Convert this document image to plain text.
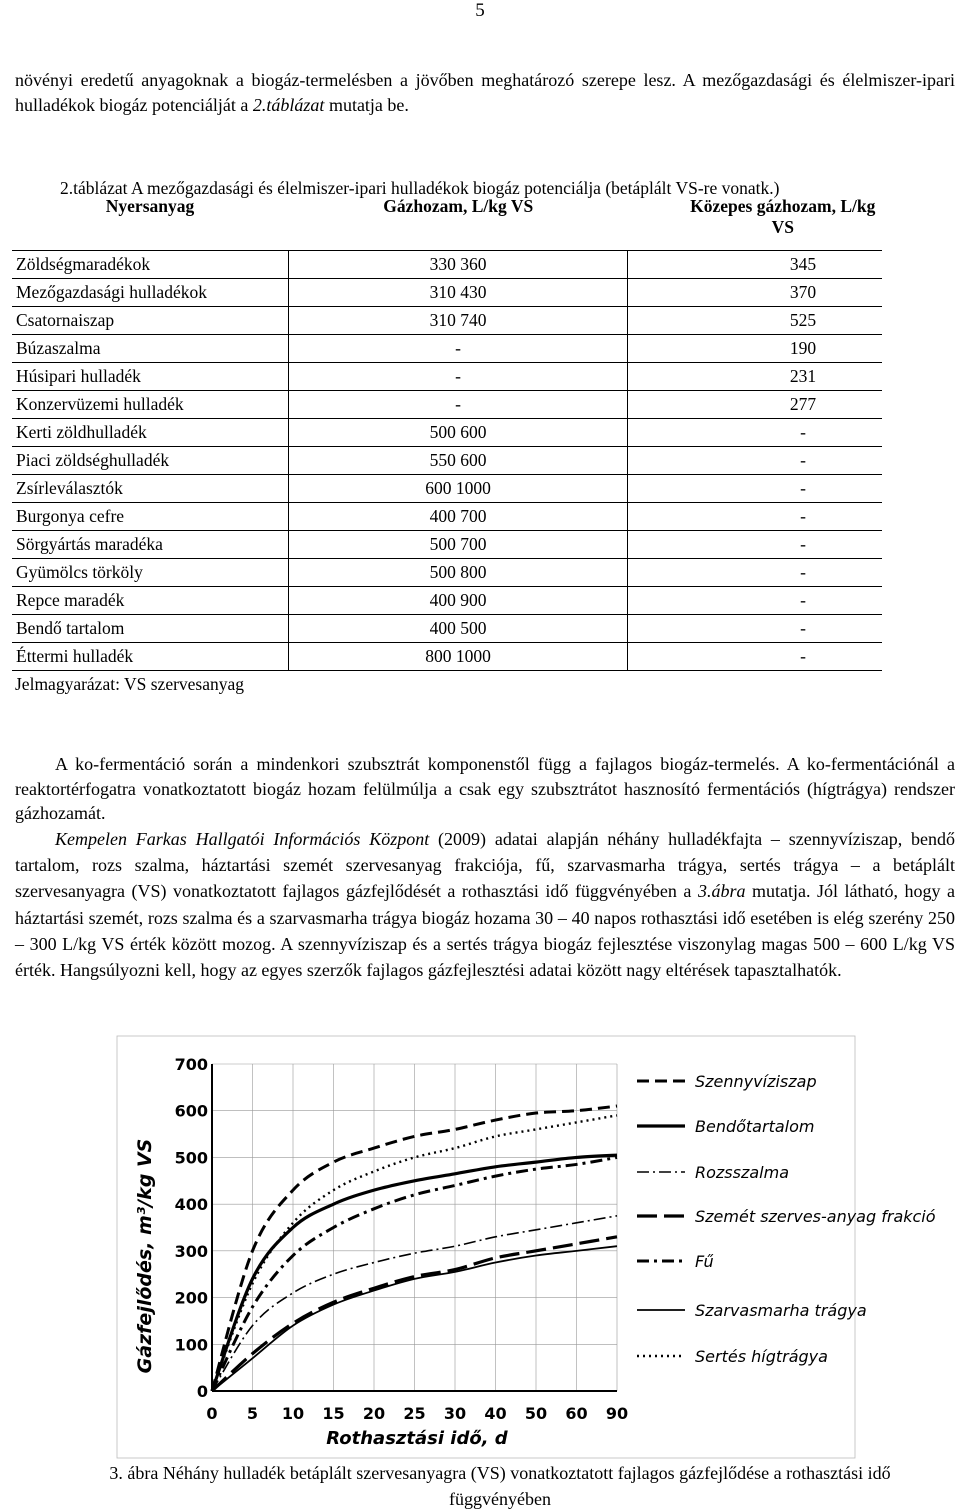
5

növényi eredetű anyagoknak a biogáz-termelésben a jövőben meghatározó szerepe lesz. A mezőgazdasági és élelmiszer-ipari hulladékok biogáz potenciálját a 2.táblázat mutatja be.

2.táblázat A mezőgazdasági és élelmiszer-ipari hulladékok biogáz potenciálja (betáplált VS-re vonatk.)
Nyersanyag	Gázhozam, L/kg VS	Közepes gázhozam, L/kg VS
Zöldségmaradékok	330 360	345
Mezőgazdasági hulladékok	310 430	370
Csatornaiszap	310 740	525
Búzaszalma	-	190
Húsipari hulladék	-	231
Konzervüzemi hulladék	-	277
Kerti zöldhulladék	500 600	-
Piaci zöldséghulladék	550 600	-
Zsírleválasztók	600 1000	-
Burgonya cefre	400 700	-
Sörgyártás maradéka	500 700	-
Gyümölcs törköly	500 800	-
Repce maradék	400 900	-
Bendő tartalom	400 500	-
Éttermi hulladék	800 1000	-
Jelmagyarázat: VS szervesanyag

A ko-fermentáció során a mindenkori szubsztrát komponenstől függ a fajlagos biogáz-termelés. A ko-fermentációnál a reaktortérfogatra vonatkoztatott biogáz hozam felülmúlja a csak egy szubsztrátot hasznosító fermentációs (hígtrágya) rendszer gázhozamát.

Kempelen Farkas Hallgatói Információs Központ (2009) adatai alapján néhány hulladékfajta – szennyvíziszap, bendő tartalom, rozs szalma, háztartási szemét szervesanyag frakciója, fű, szarvasmarha trágya, sertés trágya – a betáplált szervesanyagra (VS) vonatkoztatott fajlagos gázfejlődését a rothasztási idő függvényében a 3.ábra mutatja. Jól látható, hogy a háztartási szemét, rozs szalma és a szarvasmarha trágya biogáz hozama 30 – 40 napos rothasztási idő esetében is elég szerény 250 – 300 L/kg VS érték között mozog. A szennyvíziszap és a sertés trágya biogáz fejlesztése viszonylag magas 500 – 600 L/kg VS érték. Hangsúlyozni kell, hogy az egyes szerzők fajlagos gázfejlesztési adatai között nagy eltérések tapasztalhatók.

0
100
200
300
400
500
600
700
0 5 10 15 20 25 30 40 50 60 90
Szennyvíziszap
Bendőtartalom
Rozsszalma
Szemét szerves-anyag frakció
Fű
Szarvasmarha trágya
Sertés hígtrágya
Gázfejlődés, m³/kg VS
Rothasztási idő, d
3. ábra Néhány hulladék betáplált szervesanyagra (VS) vonatkoztatott fajlagos gázfejlődése a rothasztási idő függvényében
